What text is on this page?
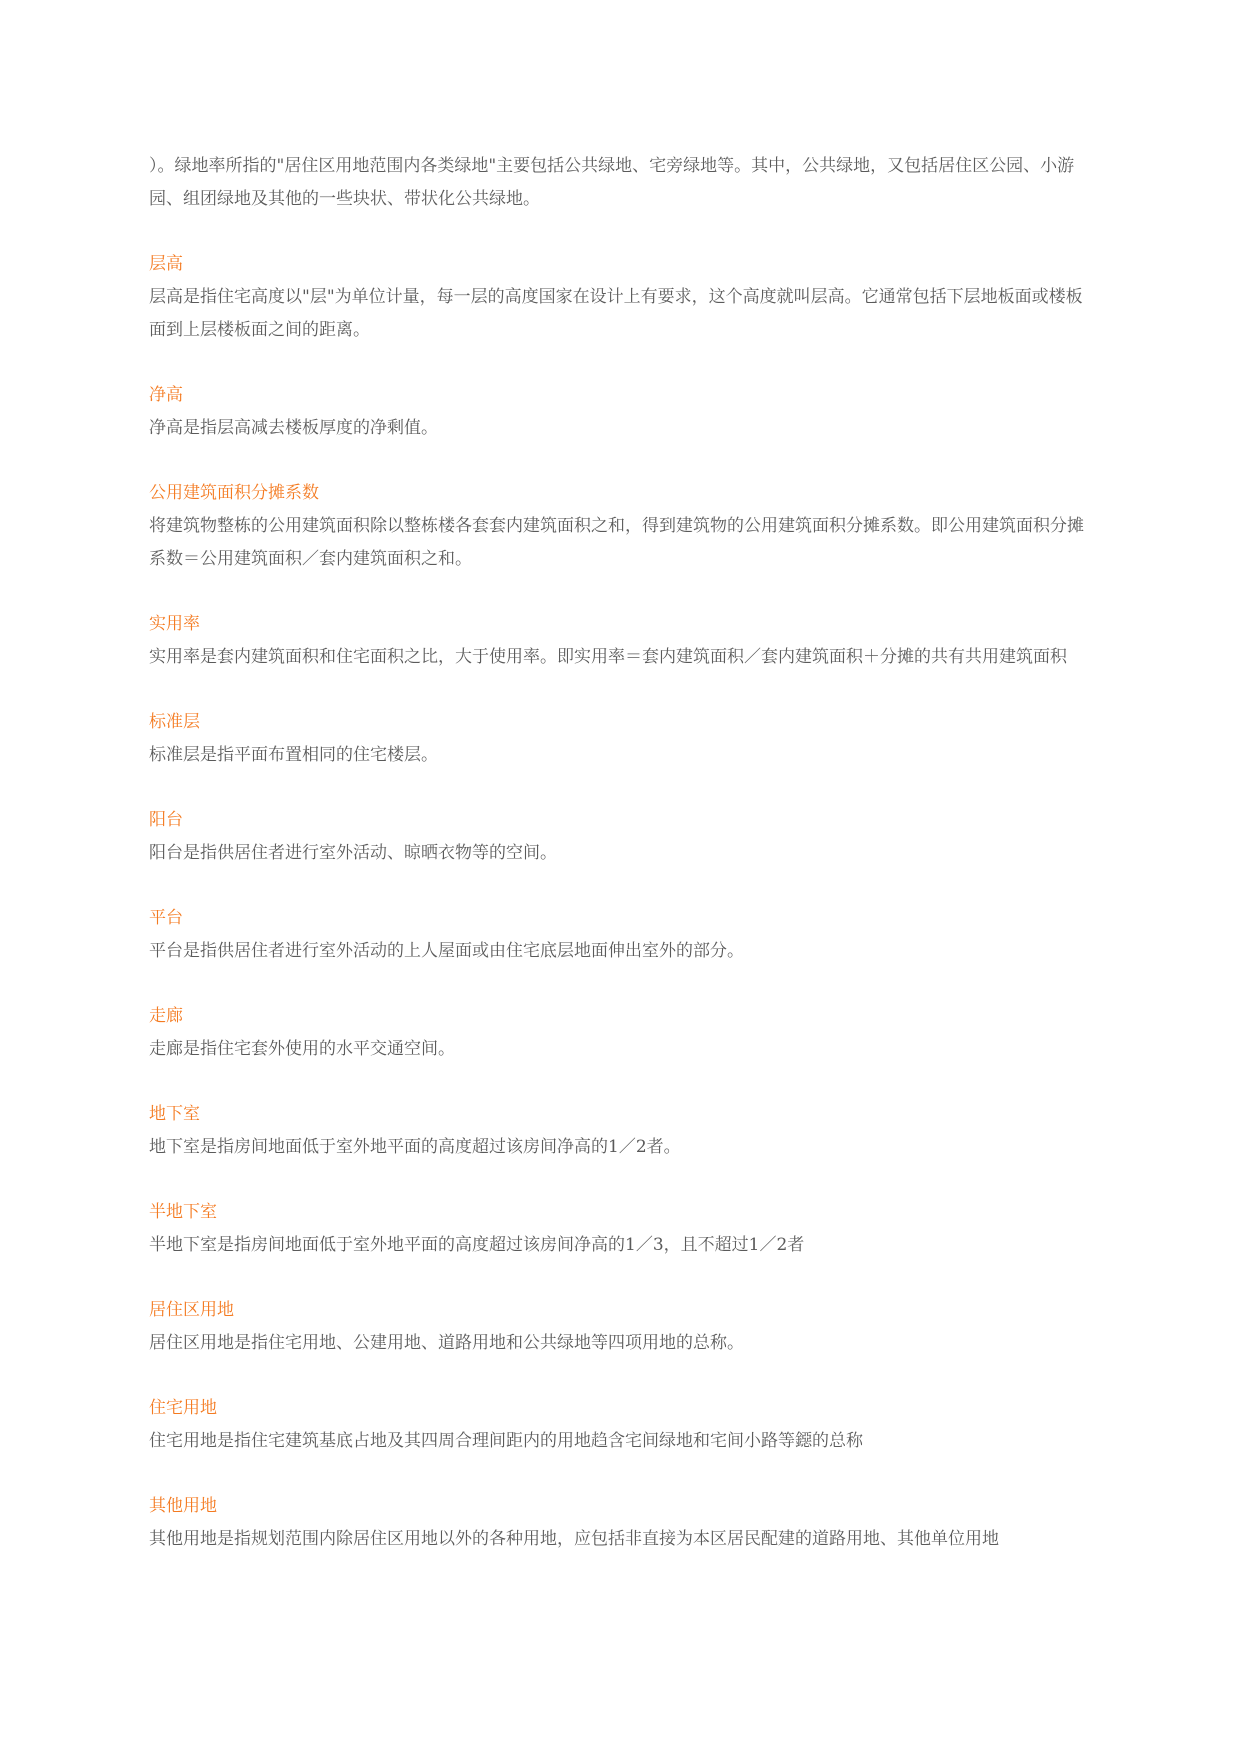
）。绿地率所指的"居住区用地范围内各类绿地"主要包括公共绿地、宅旁绿地等。其中，公共绿地，又包括居住区公园、小游园、组团绿地及其他的一些块状、带状化公共绿地。

层高

层高是指住宅高度以"层"为单位计量，每一层的高度国家在设计上有要求，这个高度就叫层高。它通常包括下层地板面或楼板面到上层楼板面之间的距离。

净高

净高是指层高减去楼板厚度的净剩值。

公用建筑面积分摊系数

将建筑物整栋的公用建筑面积除以整栋楼各套套内建筑面积之和，得到建筑物的公用建筑面积分摊系数。即公用建筑面积分摊系数＝公用建筑面积／套内建筑面积之和。

实用率

实用率是套内建筑面积和住宅面积之比，大于使用率。即实用率＝套内建筑面积／套内建筑面积＋分摊的共有共用建筑面积

标准层

标准层是指平面布置相同的住宅楼层。

阳台

阳台是指供居住者进行室外活动、晾晒衣物等的空间。

平台

平台是指供居住者进行室外活动的上人屋面或由住宅底层地面伸出室外的部分。

走廊

走廊是指住宅套外使用的水平交通空间。

地下室

地下室是指房间地面低于室外地平面的高度超过该房间净高的1／2者。

半地下室

半地下室是指房间地面低于室外地平面的高度超过该房间净高的1／3，且不超过1／2者

居住区用地

居住区用地是指住宅用地、公建用地、道路用地和公共绿地等四项用地的总称。

住宅用地

住宅用地是指住宅建筑基底占地及其四周合理间距内的用地趋含宅间绿地和宅间小路等鐚的总称

其他用地

其他用地是指规划范围内除居住区用地以外的各种用地，应包括非直接为本区居民配建的道路用地、其他单位用地
